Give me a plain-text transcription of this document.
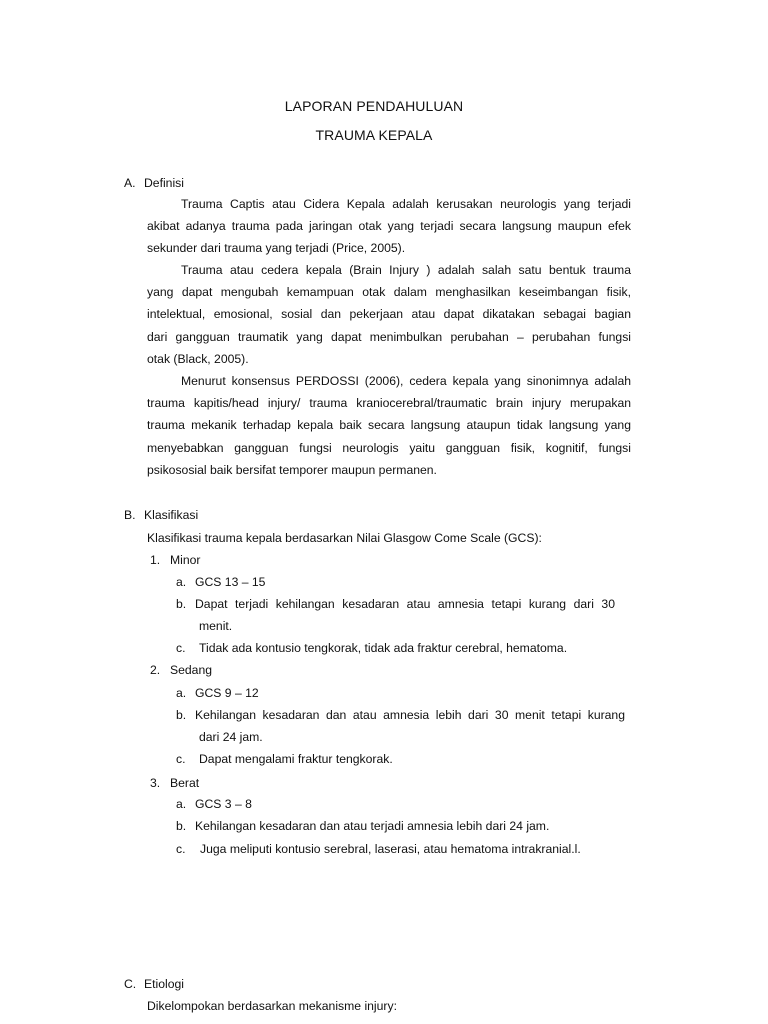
LAPORAN PENDAHULUAN
TRAUMA KEPALA
A. Definisi
Trauma Captis atau Cidera Kepala adalah kerusakan neurologis yang terjadi
akibat adanya trauma pada jaringan otak yang terjadi secara langsung maupun efek
sekunder dari trauma yang terjadi (Price, 2005).
Trauma atau cedera kepala (Brain Injury ) adalah salah satu bentuk trauma
yang dapat mengubah kemampuan otak dalam menghasilkan keseimbangan fisik,
intelektual, emosional, sosial dan pekerjaan atau dapat dikatakan sebagai bagian
dari gangguan traumatik yang dapat menimbulkan perubahan – perubahan fungsi
otak (Black, 2005).
Menurut konsensus PERDOSSI (2006), cedera kepala yang sinonimnya adalah
trauma kapitis/head injury/ trauma kraniocerebral/traumatic brain injury merupakan
trauma mekanik terhadap kepala baik secara langsung ataupun tidak langsung yang
menyebabkan gangguan fungsi neurologis yaitu gangguan fisik, kognitif, fungsi
psikososial baik bersifat temporer maupun permanen.
B. Klasifikasi
Klasifikasi trauma kepala berdasarkan Nilai Glasgow Come Scale (GCS):
1. Minor
a. GCS 13 – 15
b. Dapat terjadi kehilangan kesadaran atau amnesia tetapi kurang dari 30
menit.
c. Tidak ada kontusio tengkorak, tidak ada fraktur cerebral, hematoma.
2. Sedang
a. GCS 9 – 12
b. Kehilangan kesadaran dan atau amnesia lebih dari 30 menit tetapi kurang
dari 24 jam.
c. Dapat mengalami fraktur tengkorak.
3. Berat
a. GCS 3 – 8
b. Kehilangan kesadaran dan atau terjadi amnesia lebih dari 24 jam.
c. Juga meliputi kontusio serebral, laserasi, atau hematoma intrakranial.l.
C. Etiologi
Dikelompokan berdasarkan mekanisme injury:
